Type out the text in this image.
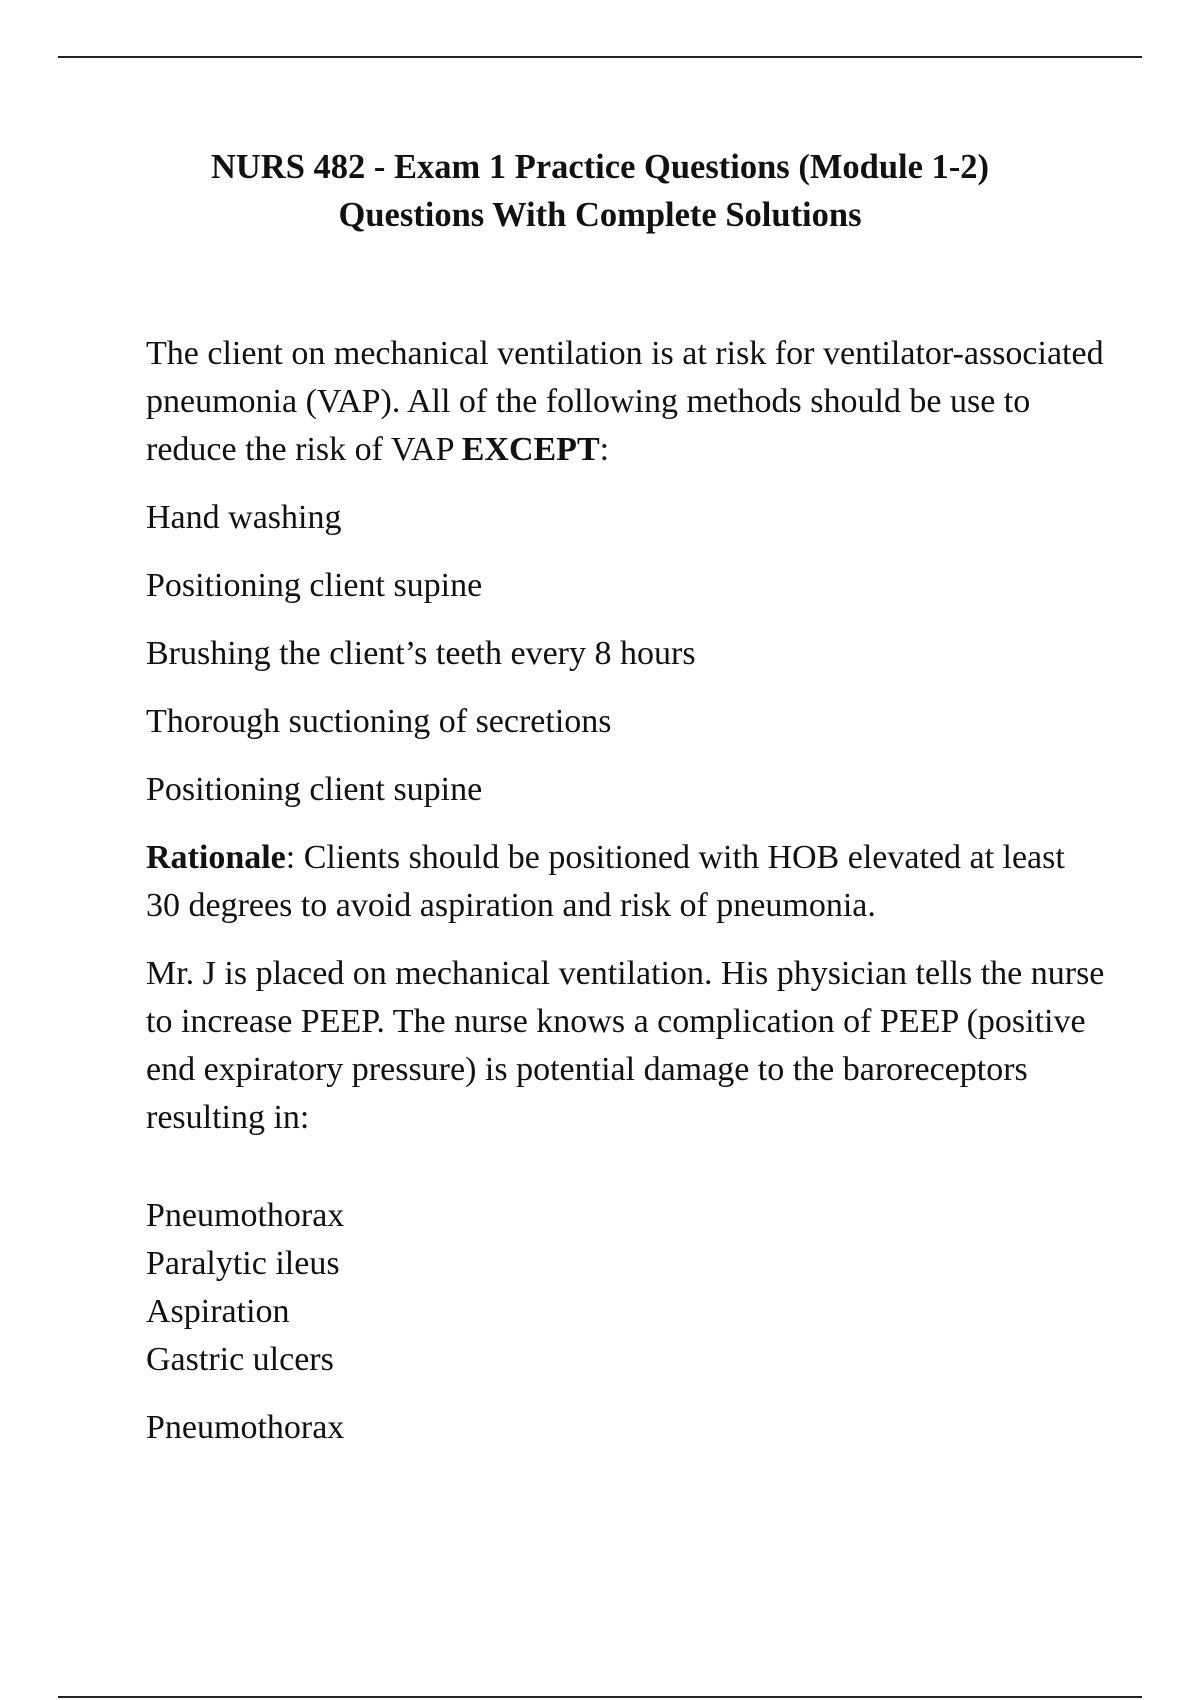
NURS 482 - Exam 1 Practice Questions (Module 1-2)
Questions With Complete Solutions

The client on mechanical ventilation is at risk for ventilator-associated pneumonia (VAP). All of the following methods should be use to reduce the risk of VAP EXCEPT:

Hand washing

Positioning client supine

Brushing the client’s teeth every 8 hours

Thorough suctioning of secretions

Positioning client supine

Rationale: Clients should be positioned with HOB elevated at least 30 degrees to avoid aspiration and risk of pneumonia.

Mr. J is placed on mechanical ventilation. His physician tells the nurse to increase PEEP. The nurse knows a complication of PEEP (positive end expiratory pressure) is potential damage to the baroreceptors resulting in:

Pneumothorax

Paralytic ileus

Aspiration

Gastric ulcers

Pneumothorax
